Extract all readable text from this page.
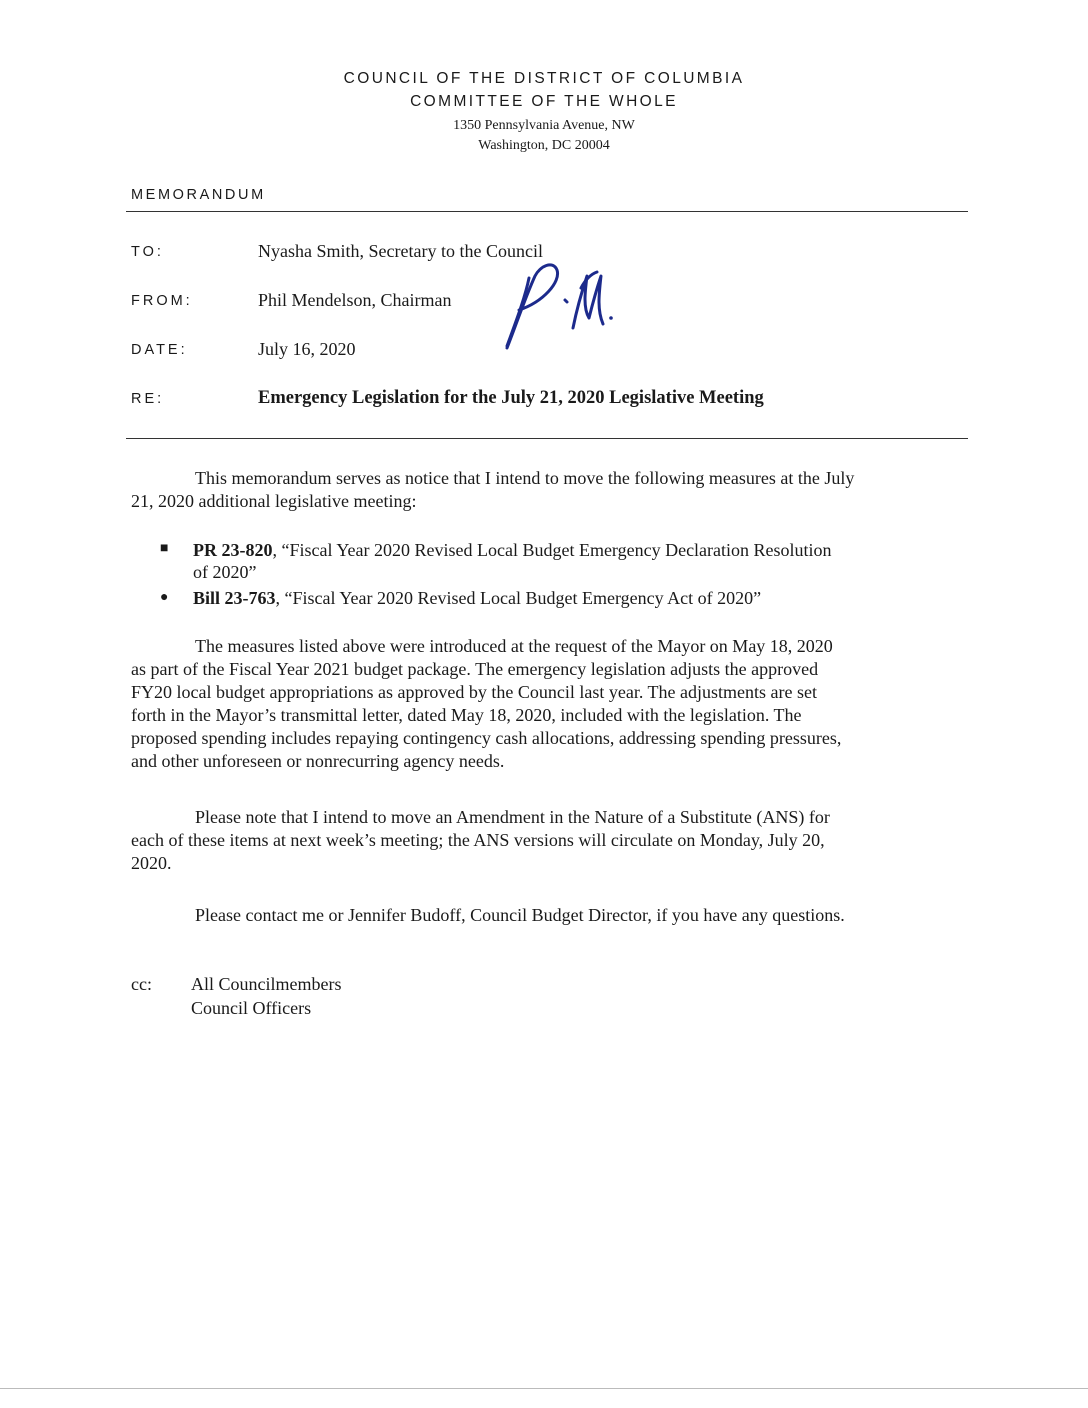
COUNCIL OF THE DISTRICT OF COLUMBIA
COMMITTEE OF THE WHOLE
1350 Pennsylvania Avenue, NW
Washington, DC 20004
MEMORANDUM
TO:	Nyasha Smith, Secretary to the Council
FROM:	Phil Mendelson, Chairman
DATE:	July 16, 2020
RE:	Emergency Legislation for the July 21, 2020 Legislative Meeting
This memorandum serves as notice that I intend to move the following measures at the July
21, 2020 additional legislative meeting:
■ PR 23-820, “Fiscal Year 2020 Revised Local Budget Emergency Declaration Resolution
of 2020”
● Bill 23-763, “Fiscal Year 2020 Revised Local Budget Emergency Act of 2020”
The measures listed above were introduced at the request of the Mayor on May 18, 2020
as part of the Fiscal Year 2021 budget package. The emergency legislation adjusts the approved
FY20 local budget appropriations as approved by the Council last year. The adjustments are set
forth in the Mayor’s transmittal letter, dated May 18, 2020, included with the legislation. The
proposed spending includes repaying contingency cash allocations, addressing spending pressures,
and other unforeseen or nonrecurring agency needs.
Please note that I intend to move an Amendment in the Nature of a Substitute (ANS) for
each of these items at next week’s meeting; the ANS versions will circulate on Monday, July 20,
2020.
Please contact me or Jennifer Budoff, Council Budget Director, if you have any questions.
cc: All Councilmembers
Council Officers
